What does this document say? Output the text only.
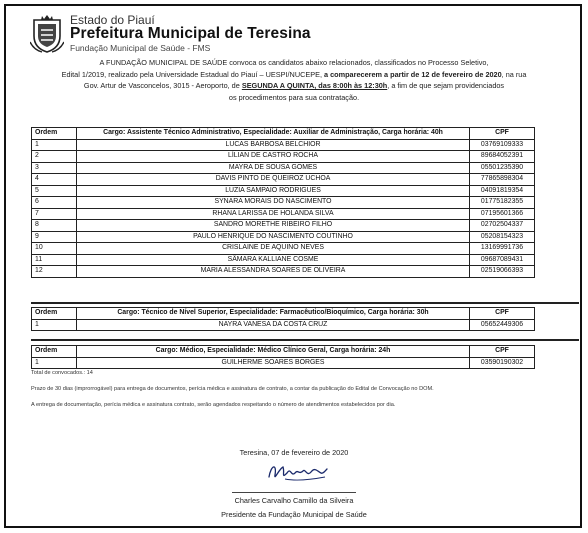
Estado do Piauí
Prefeitura Municipal de Teresina
Fundação Municipal de Saúde - FMS
A FUNDAÇÃO MUNICIPAL DE SAÚDE convoca os candidatos abaixo relacionados, classificados no Processo Seletivo,
Edital 1/2019, realizado pela Universidade Estadual do Piauí – UESPI/NUCEPE, a comparecerem a partir de 12 de fevereiro de 2020, na rua
Gov. Artur de Vasconcelos, 3015 - Aeroporto, de SEGUNDA A QUINTA, das 8:00h às 12:30h, a fim de que sejam providenciados
os procedimentos para sua contratação.
Ordem	Cargo: Assistente Técnico Administrativo, Especialidade: Auxiliar de Administração, Carga horária: 40h	CPF
1	LUCAS BARBOSA BELCHIOR	03769109333
2	LÍLIAN DE CASTRO ROCHA	89684052391
3	MAYRA DE SOUSA GOMES	05501235390
4	DAVIS PINTO DE QUEIROZ UCHOA	77865898304
5	LUZIA SAMPAIO RODRIGUES	04091819354
6	SYNARA MORAIS DO NASCIMENTO	01775182355
7	RHANA LARISSA DE HOLANDA SILVA	07195601366
8	SANDRO MORETHE RIBEIRO FILHO	02702504337
9	PAULO HENRIQUE DO NASCIMENTO COUTINHO	05208154323
10	CRISLAINE DE AQUINO NEVES	13169991736
11	SÂMARA KALLIANE COSME	09687089431
12	MARIA ALESSANDRA SOARES DE OLIVEIRA	02519066393
Ordem	Cargo: Técnico de Nível Superior, Especialidade: Farmacêutico/Bioquímico, Carga horária: 30h	CPF
1	NAYRA VANESA DA COSTA CRUZ	05652449306
Ordem	Cargo: Médico, Especialidade: Médico Clínico Geral, Carga horária: 24h	CPF
1	GUILHERME SOARES BORGES	03590190302
Total de convocados.: 14
Prazo de 30 dias (improrrogável) para entrega de documentos, perícia médica e assinatura de contrato, a contar da publicação do Edital de Convocação no DOM.
A entrega de documentação, perícia médica e assinatura contrato, serão agendados respeitando o número de atendimentos estabelecidos por dia.
Teresina, 07 de fevereiro de 2020
Charles Carvalho Camillo da Silveira
Presidente da Fundação Municipal de Saúde
